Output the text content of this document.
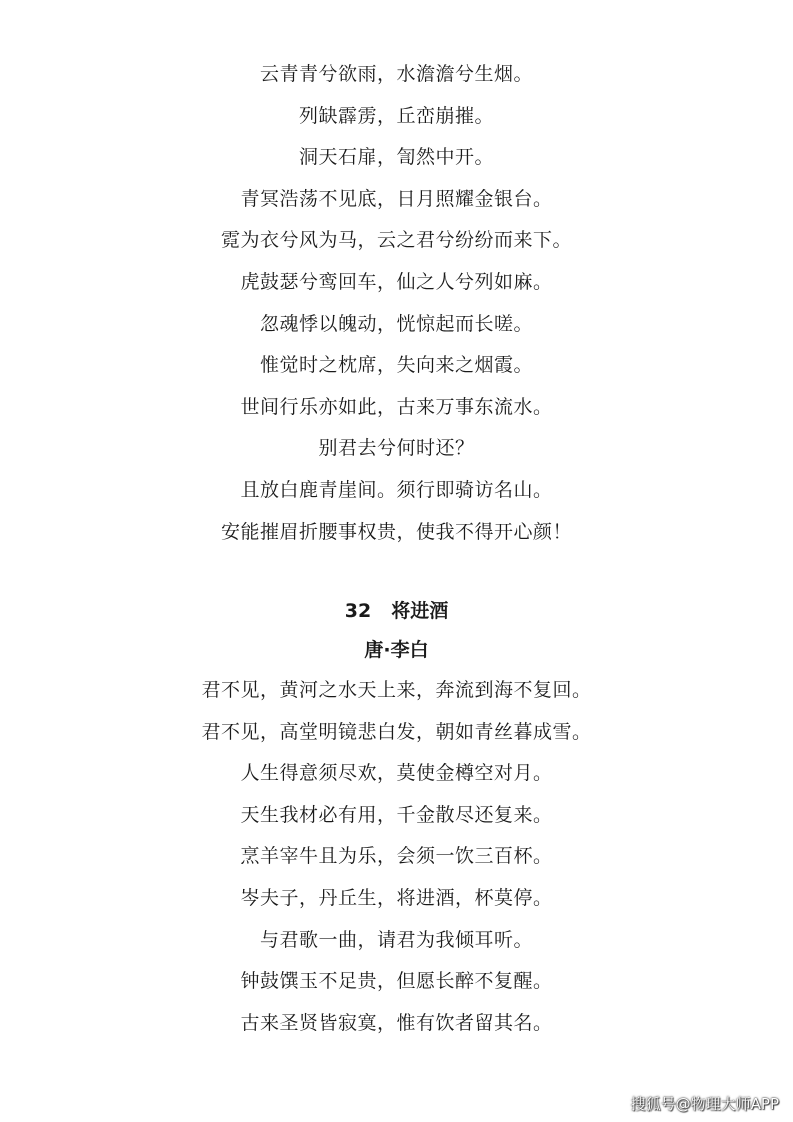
云青青兮欲雨，水澹澹兮生烟。
列缺霹雳，丘峦崩摧。
洞天石扉，訇然中开。
青冥浩荡不见底，日月照耀金银台。
霓为衣兮风为马，云之君兮纷纷而来下。
虎鼓瑟兮鸾回车，仙之人兮列如麻。
忽魂悸以魄动，恍惊起而长嗟。
惟觉时之枕席，失向来之烟霞。
世间行乐亦如此，古来万事东流水。
别君去兮何时还？
且放白鹿青崖间。须行即骑访名山。
安能摧眉折腰事权贵，使我不得开心颜！
32 将进酒
唐·李白
君不见，黄河之水天上来，奔流到海不复回。
君不见，高堂明镜悲白发，朝如青丝暮成雪。
人生得意须尽欢，莫使金樽空对月。
天生我材必有用，千金散尽还复来。
烹羊宰牛且为乐，会须一饮三百杯。
岑夫子，丹丘生，将进酒，杯莫停。
与君歌一曲，请君为我倾耳听。
钟鼓馔玉不足贵，但愿长醉不复醒。
古来圣贤皆寂寞，惟有饮者留其名。
搜狐号@物理大师APP
